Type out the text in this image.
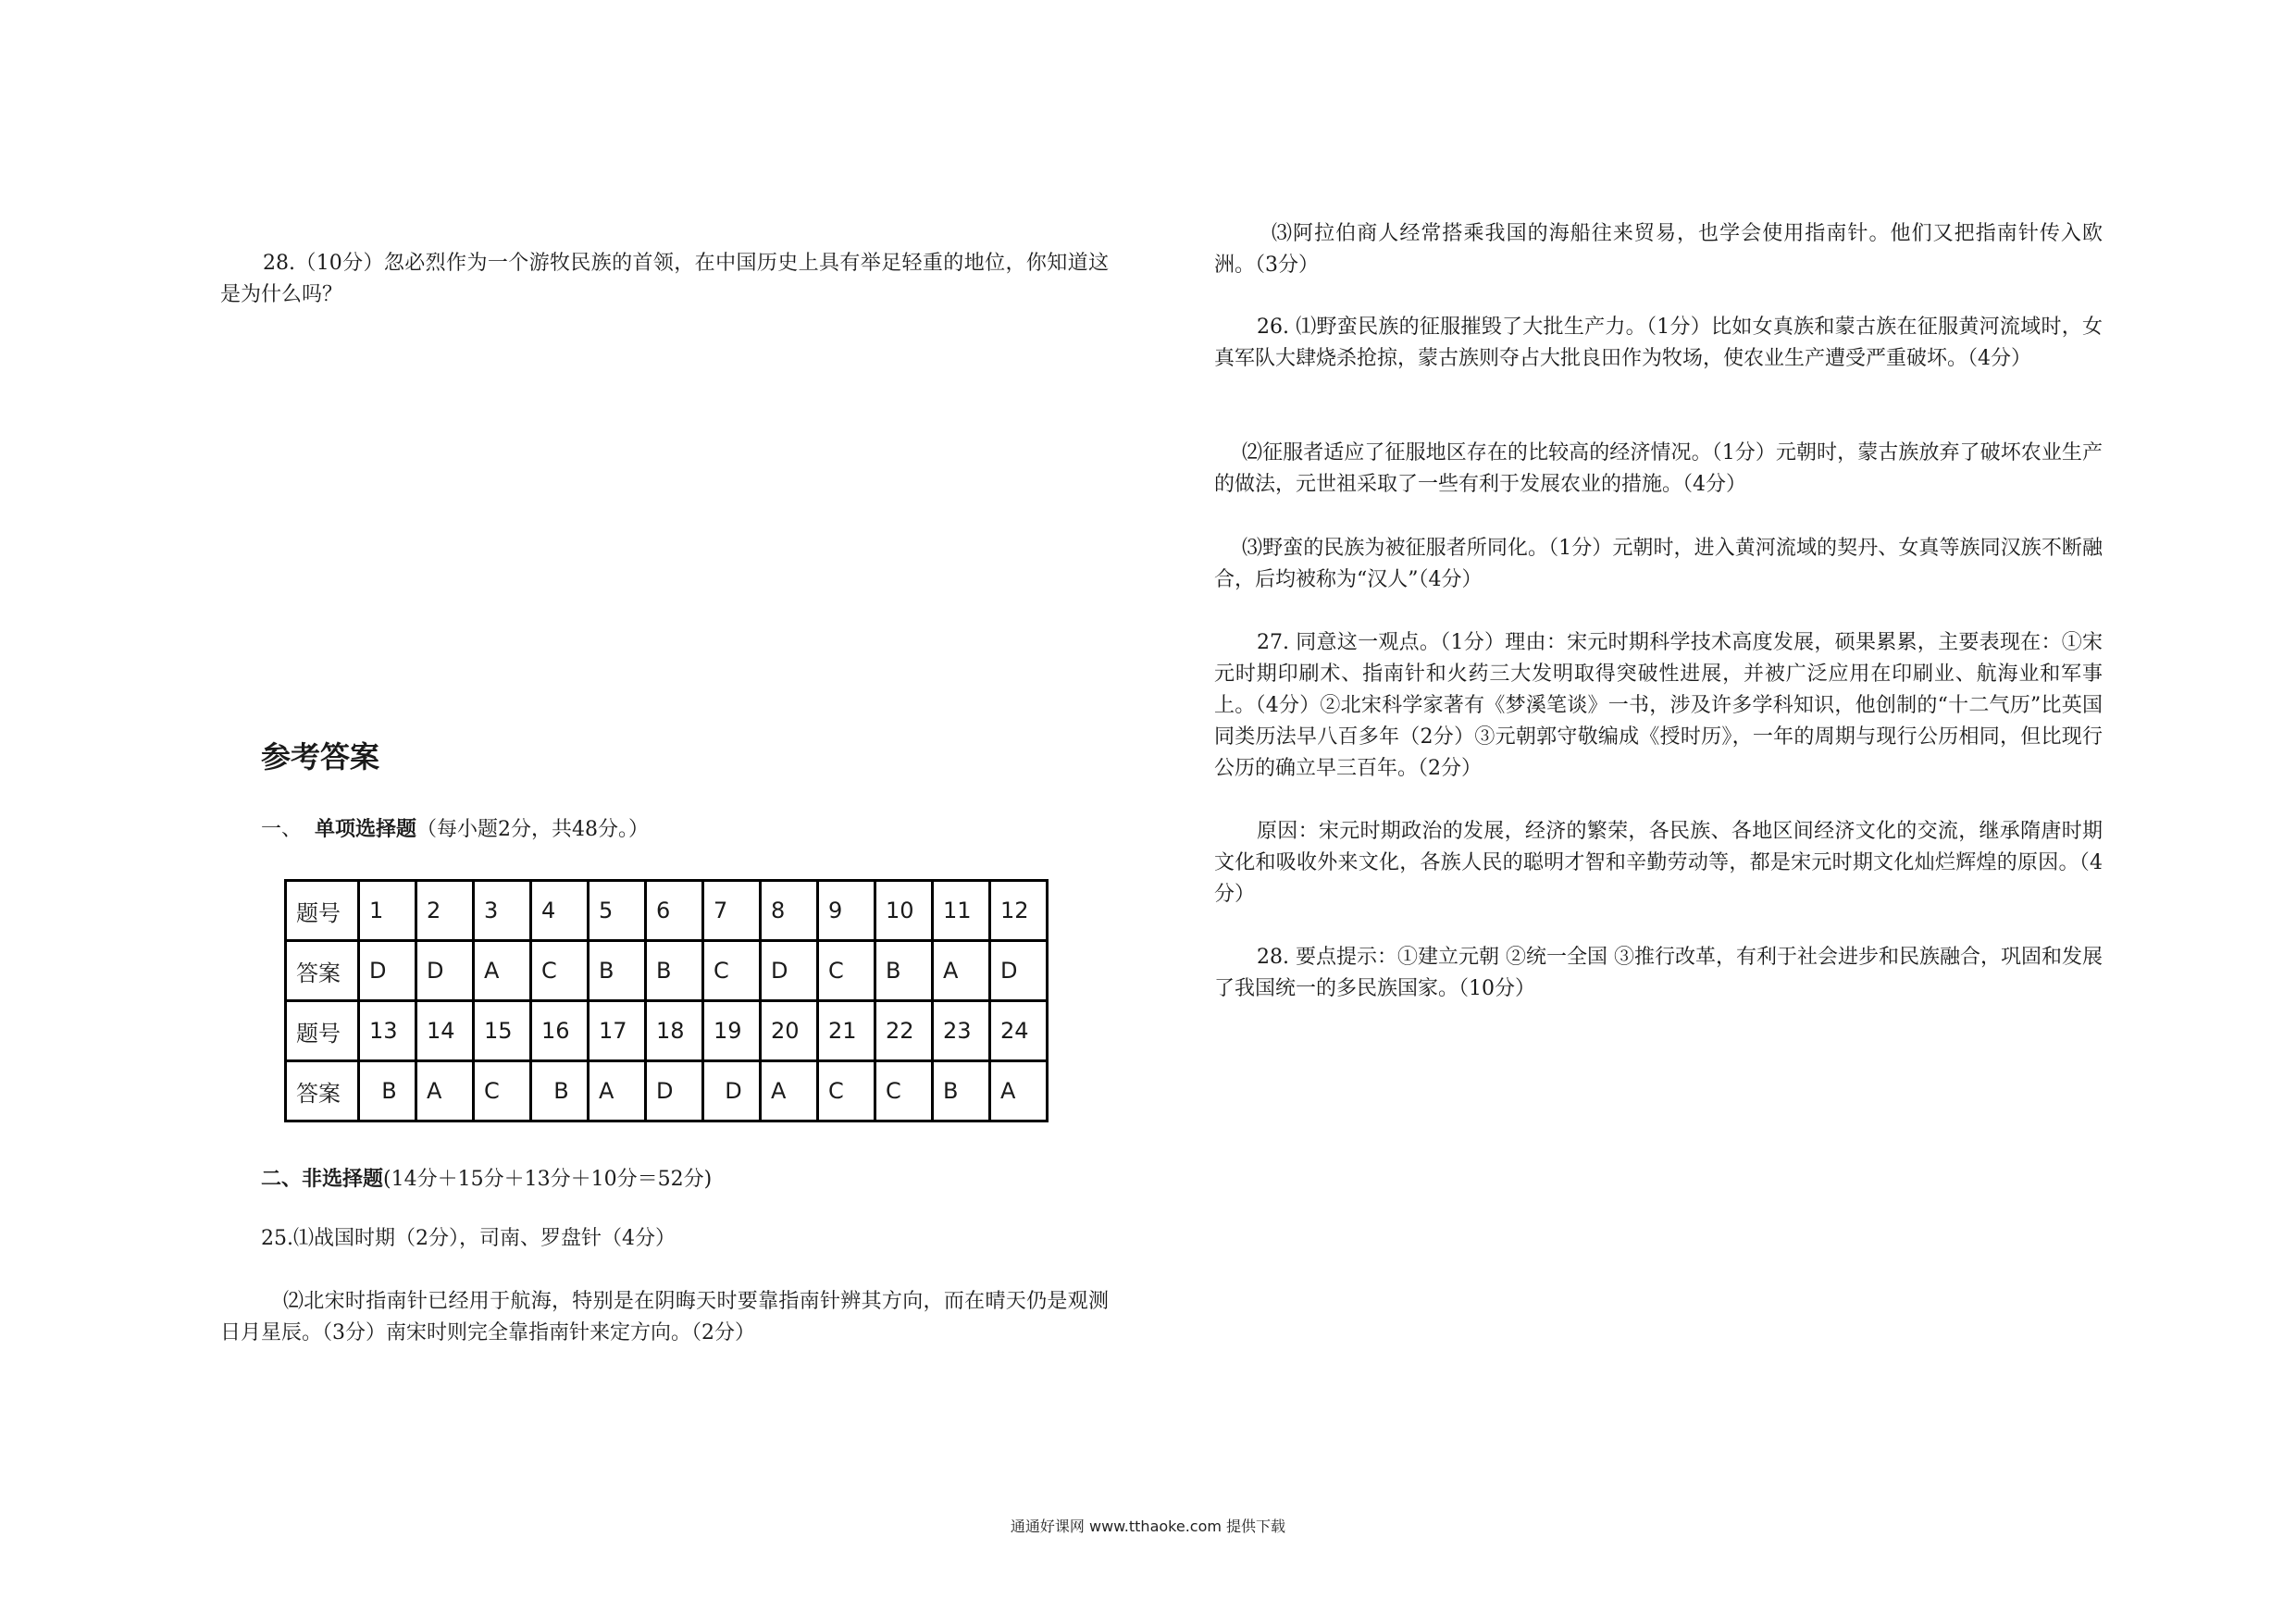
28.（10分）忽必烈作为一个游牧民族的首领，在中国历史上具有举足轻重的地位，你知道这是为什么吗？

参考答案

一、 单项选择题（每小题2分，共48分。）

题号	1	2	3	4	5	6	7	8	9	10	11	12
答案	D	D	A	C	B	B	C	D	C	B	A	D
题号	13	14	15	16	17	18	19	20	21	22	23	24
答案	B	A	C	B	A	D	D	A	C	C	B	A

二、非选择题(14分＋15分＋13分＋10分＝52分)

25.⑴战国时期（2分），司南、罗盘针（4分）

⑵北宋时指南针已经用于航海，特别是在阴晦天时要靠指南针辨其方向，而在晴天仍是观测日月星辰。（3分）南宋时则完全靠指南针来定方向。（2分）

⑶阿拉伯商人经常搭乘我国的海船往来贸易，也学会使用指南针。他们又把指南针传入欧洲。（3分）

26. ⑴野蛮民族的征服摧毁了大批生产力。（1分）比如女真族和蒙古族在征服黄河流域时，女真军队大肆烧杀抢掠，蒙古族则夺占大批良田作为牧场，使农业生产遭受严重破坏。（4分）

⑵征服者适应了征服地区存在的比较高的经济情况。（1分）元朝时，蒙古族放弃了破坏农业生产的做法，元世祖采取了一些有利于发展农业的措施。（4分）

⑶野蛮的民族为被征服者所同化。（1分）元朝时，进入黄河流域的契丹、女真等族同汉族不断融合，后均被称为“汉人”（4分）

27. 同意这一观点。（1分）理由：宋元时期科学技术高度发展，硕果累累，主要表现在：①宋元时期印刷术、指南针和火药三大发明取得突破性进展，并被广泛应用在印刷业、航海业和军事上。（4分）②北宋科学家著有《梦溪笔谈》一书，涉及许多学科知识，他创制的“十二气历”比英国同类历法早八百多年（2分）③元朝郭守敬编成《授时历》，一年的周期与现行公历相同，但比现行公历的确立早三百年。（2分）

原因：宋元时期政治的发展，经济的繁荣，各民族、各地区间经济文化的交流，继承隋唐时期文化和吸收外来文化，各族人民的聪明才智和辛勤劳动等，都是宋元时期文化灿烂辉煌的原因。（4分）

28. 要点提示：①建立元朝 ②统一全国 ③推行改革，有利于社会进步和民族融合，巩固和发展了我国统一的多民族国家。（10分）

通通好课网 www.tthaoke.com 提供下载
